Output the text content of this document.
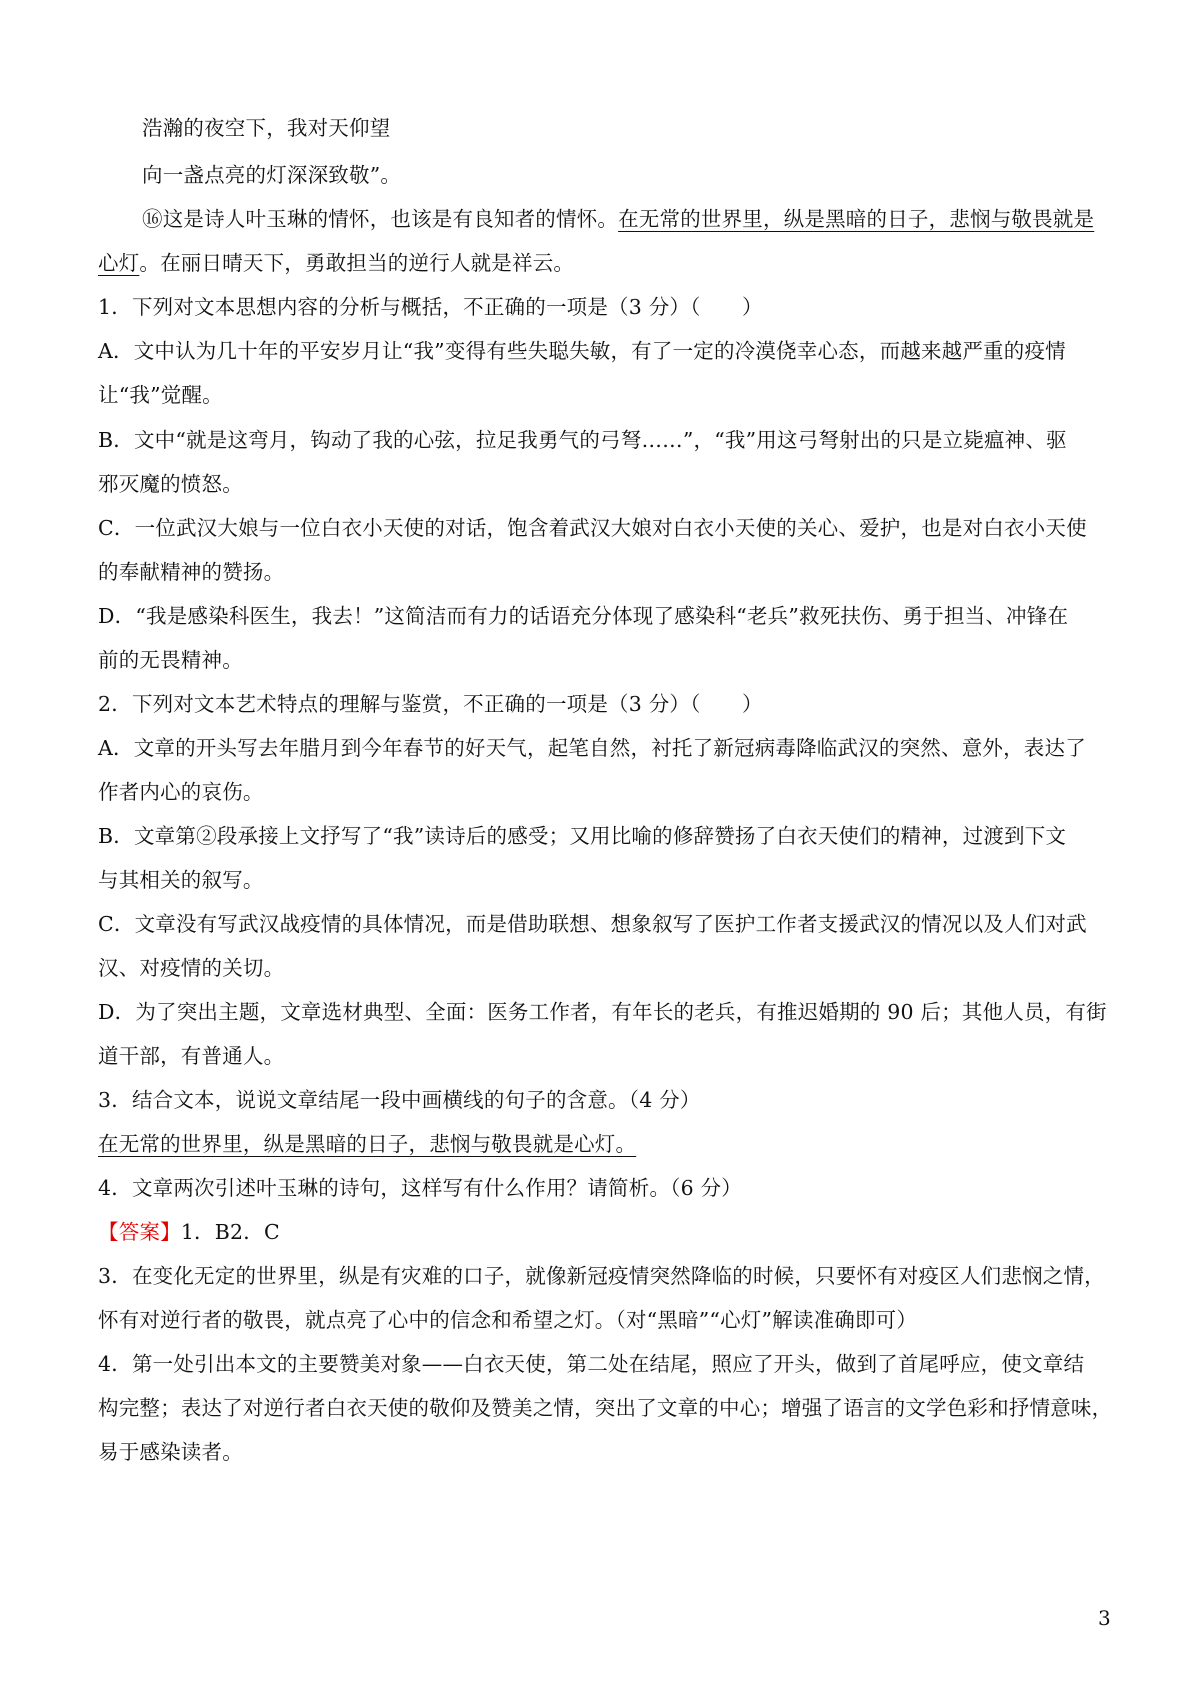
浩瀚的夜空下，我对天仰望
向一盏点亮的灯深深致敬”。
⑯这是诗人叶玉琳的情怀，也该是有良知者的情怀。在无常的世界里，纵是黑暗的日子，悲悯与敬畏就是
心灯。在丽日晴天下，勇敢担当的逆行人就是祥云。
1．下列对文本思想内容的分析与概括，不正确的一项是（3 分）（　　）
A．文中认为几十年的平安岁月让“我”变得有些失聪失敏，有了一定的冷漠侥幸心态，而越来越严重的疫情
让“我”觉醒。
B．文中“就是这弯月，钩动了我的心弦，拉足我勇气的弓弩……”，“我”用这弓弩射出的只是立毙瘟神、驱
邪灭魔的愤怒。
C．一位武汉大娘与一位白衣小天使的对话，饱含着武汉大娘对白衣小天使的关心、爱护，也是对白衣小天使
的奉献精神的赞扬。
D．“我是感染科医生，我去！”这简洁而有力的话语充分体现了感染科“老兵”救死扶伤、勇于担当、冲锋在
前的无畏精神。
2．下列对文本艺术特点的理解与鉴赏，不正确的一项是（3 分）（　　）
A．文章的开头写去年腊月到今年春节的好天气，起笔自然，衬托了新冠病毒降临武汉的突然、意外，表达了
作者内心的哀伤。
B．文章第②段承接上文抒写了“我”读诗后的感受；又用比喻的修辞赞扬了白衣天使们的精神，过渡到下文
与其相关的叙写。
C．文章没有写武汉战疫情的具体情况，而是借助联想、想象叙写了医护工作者支援武汉的情况以及人们对武
汉、对疫情的关切。
D．为了突出主题，文章选材典型、全面：医务工作者，有年长的老兵，有推迟婚期的 90 后；其他人员，有街
道干部，有普通人。
3．结合文本，说说文章结尾一段中画横线的句子的含意。（4 分）
在无常的世界里，纵是黑暗的日子，悲悯与敬畏就是心灯。
4．文章两次引述叶玉琳的诗句，这样写有什么作用？请简析。（6 分）
【答案】1．B2．C
3．在变化无定的世界里，纵是有灾难的口子，就像新冠疫情突然降临的时候，只要怀有对疫区人们悲悯之情，
怀有对逆行者的敬畏，就点亮了心中的信念和希望之灯。（对“黑暗”“心灯”解读准确即可）
4．第一处引出本文的主要赞美对象——白衣天使，第二处在结尾，照应了开头，做到了首尾呼应，使文章结
构完整；表达了对逆行者白衣天使的敬仰及赞美之情，突出了文章的中心；增强了语言的文学色彩和抒情意味，
易于感染读者。
3
